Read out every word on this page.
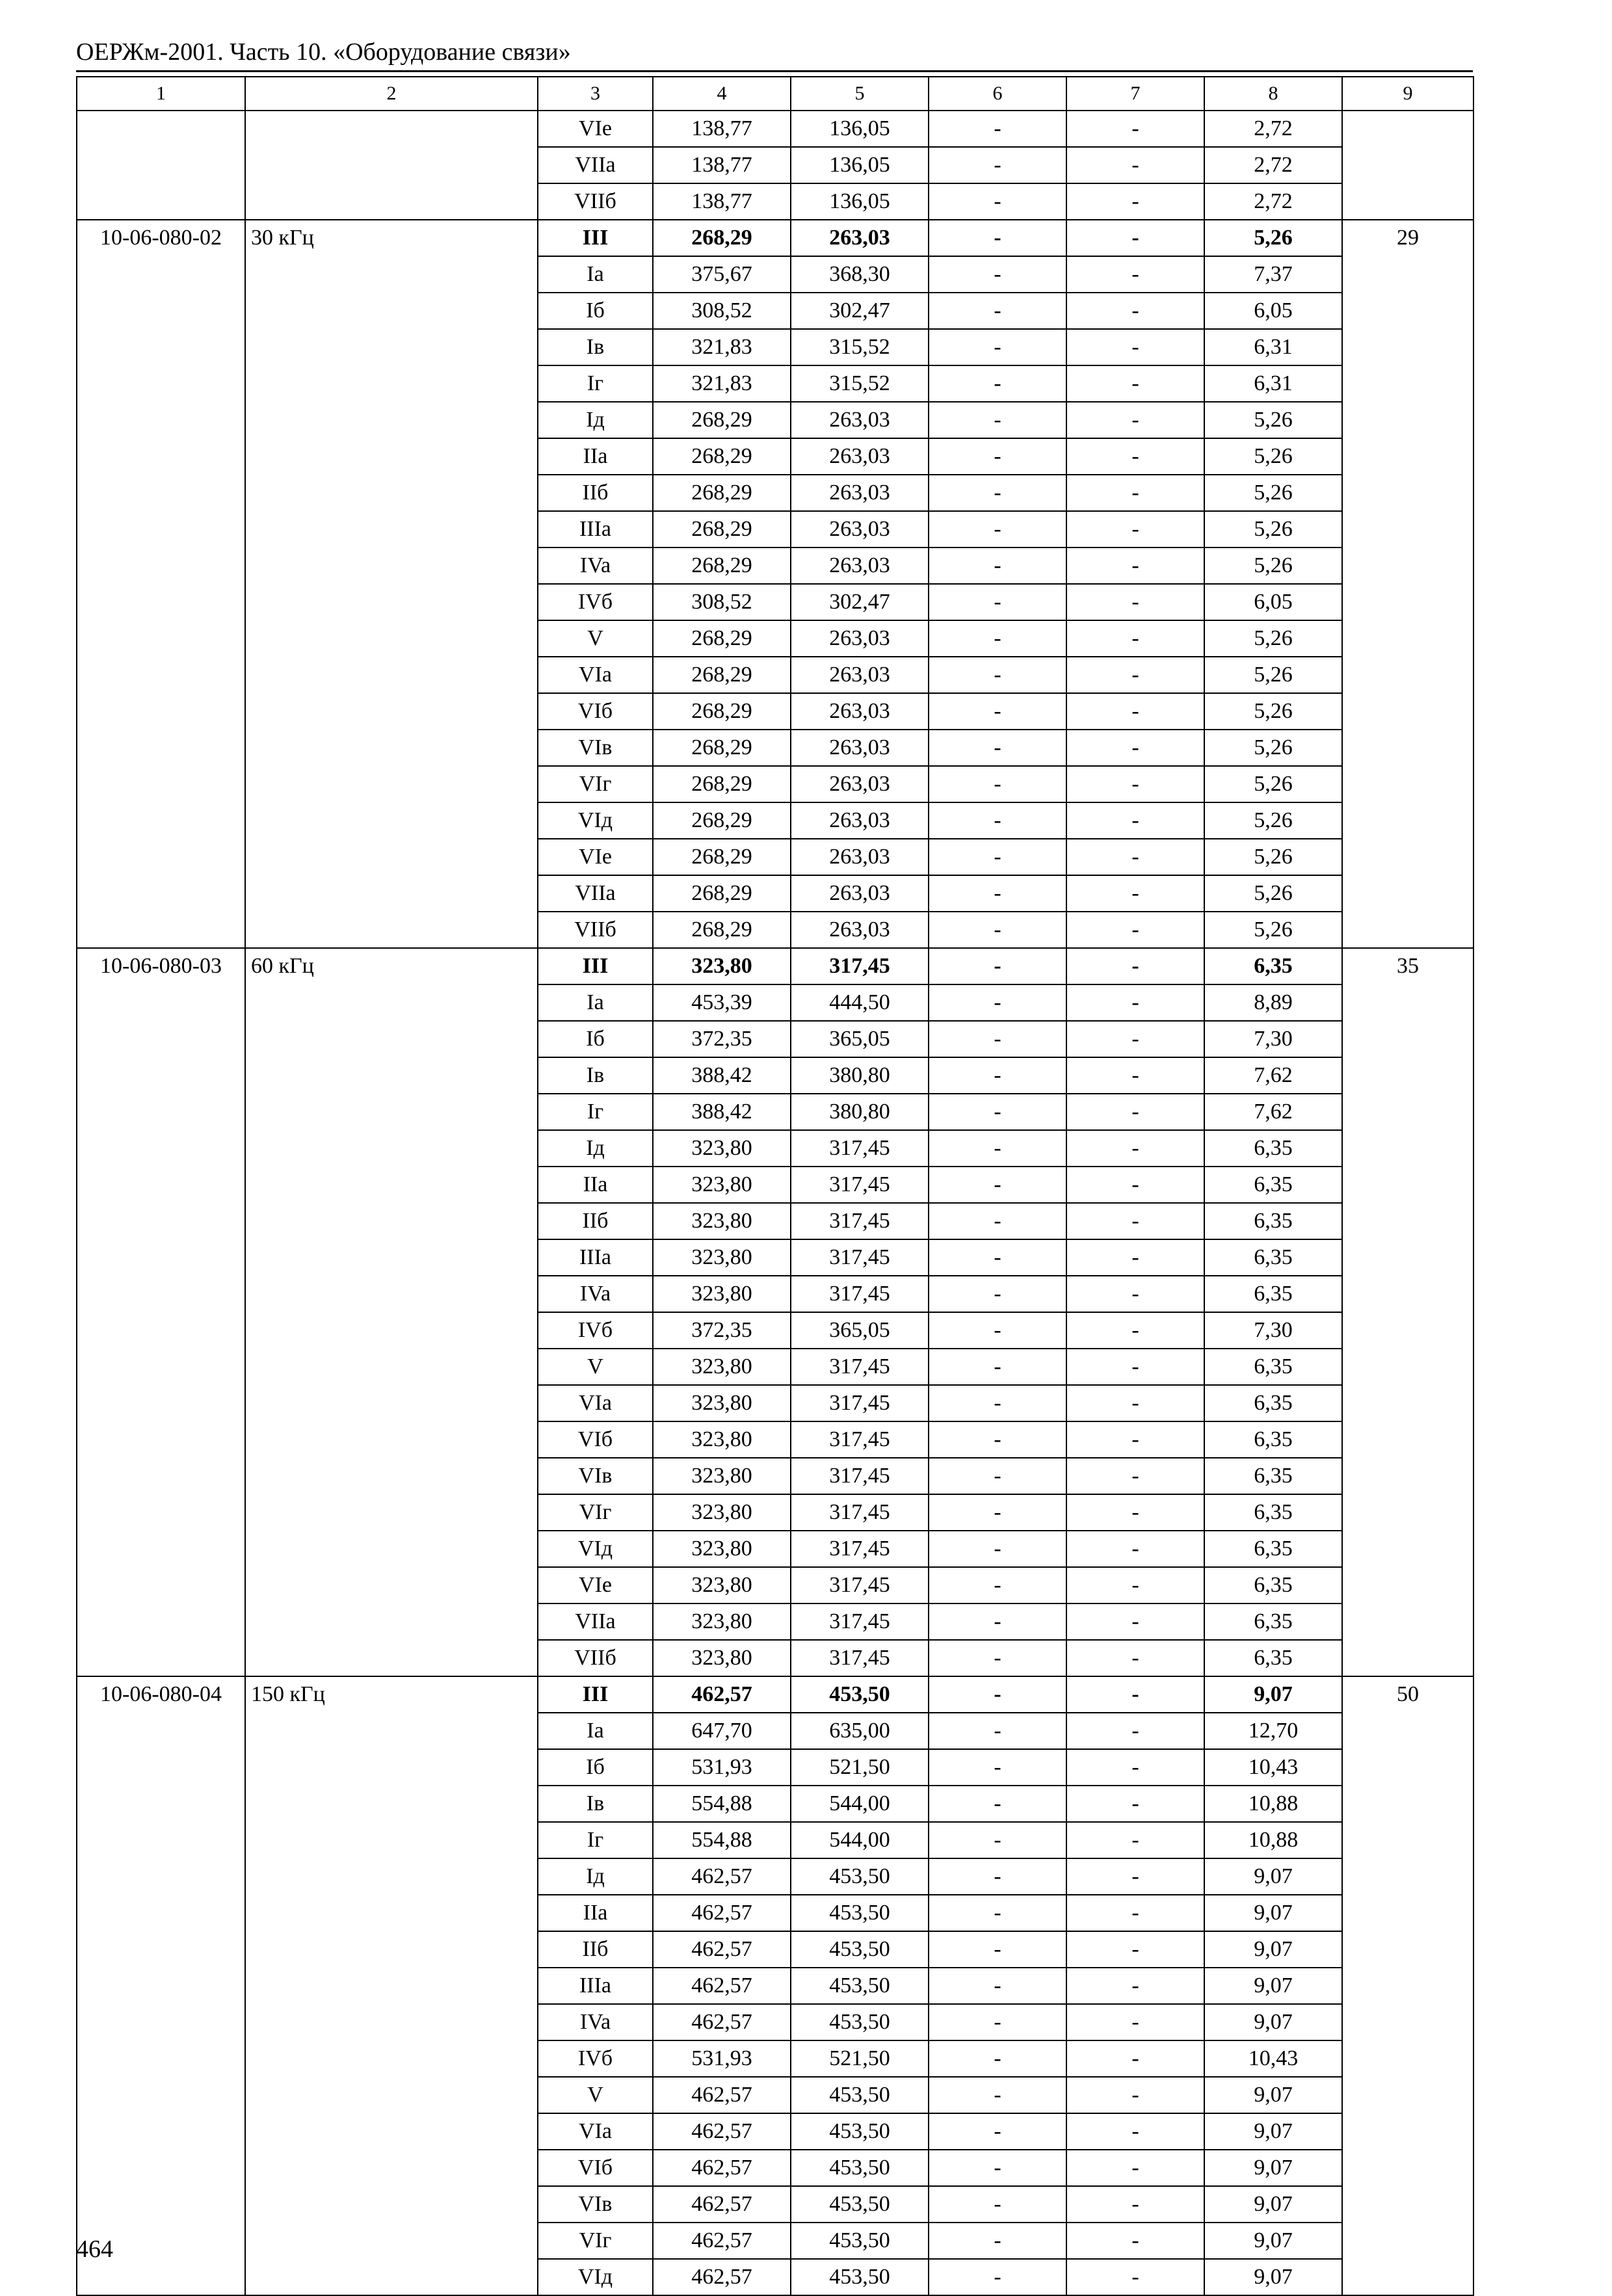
ОЕРЖм-2001. Часть 10. «Оборудование связи»
1	2	3	4	5	6	7	8	9
		VIe	138,77	136,05	-	-	2,72	
		VIIa	138,77	136,05	-	-	2,72	
		VIIб	138,77	136,05	-	-	2,72	
10-06-080-02	30 кГц	III	268,29	263,03	-	-	5,26	29
		Ia	375,67	368,30	-	-	7,37	
		Iб	308,52	302,47	-	-	6,05	
		Iв	321,83	315,52	-	-	6,31	
		Iг	321,83	315,52	-	-	6,31	
		Iд	268,29	263,03	-	-	5,26	
		IIa	268,29	263,03	-	-	5,26	
		IIб	268,29	263,03	-	-	5,26	
		IIIa	268,29	263,03	-	-	5,26	
		IVa	268,29	263,03	-	-	5,26	
		IVб	308,52	302,47	-	-	6,05	
		V	268,29	263,03	-	-	5,26	
		VIa	268,29	263,03	-	-	5,26	
		VIб	268,29	263,03	-	-	5,26	
		VIв	268,29	263,03	-	-	5,26	
		VIг	268,29	263,03	-	-	5,26	
		VIд	268,29	263,03	-	-	5,26	
		VIe	268,29	263,03	-	-	5,26	
		VIIa	268,29	263,03	-	-	5,26	
		VIIб	268,29	263,03	-	-	5,26	
10-06-080-03	60 кГц	III	323,80	317,45	-	-	6,35	35
		Ia	453,39	444,50	-	-	8,89	
		Iб	372,35	365,05	-	-	7,30	
		Iв	388,42	380,80	-	-	7,62	
		Iг	388,42	380,80	-	-	7,62	
		Iд	323,80	317,45	-	-	6,35	
		IIa	323,80	317,45	-	-	6,35	
		IIб	323,80	317,45	-	-	6,35	
		IIIa	323,80	317,45	-	-	6,35	
		IVa	323,80	317,45	-	-	6,35	
		IVб	372,35	365,05	-	-	7,30	
		V	323,80	317,45	-	-	6,35	
		VIa	323,80	317,45	-	-	6,35	
		VIб	323,80	317,45	-	-	6,35	
		VIв	323,80	317,45	-	-	6,35	
		VIг	323,80	317,45	-	-	6,35	
		VIд	323,80	317,45	-	-	6,35	
		VIe	323,80	317,45	-	-	6,35	
		VIIa	323,80	317,45	-	-	6,35	
		VIIб	323,80	317,45	-	-	6,35	
10-06-080-04	150 кГц	III	462,57	453,50	-	-	9,07	50
		Ia	647,70	635,00	-	-	12,70	
		Iб	531,93	521,50	-	-	10,43	
		Iв	554,88	544,00	-	-	10,88	
		Iг	554,88	544,00	-	-	10,88	
		Iд	462,57	453,50	-	-	9,07	
		IIa	462,57	453,50	-	-	9,07	
		IIб	462,57	453,50	-	-	9,07	
		IIIa	462,57	453,50	-	-	9,07	
		IVa	462,57	453,50	-	-	9,07	
		IVб	531,93	521,50	-	-	10,43	
		V	462,57	453,50	-	-	9,07	
		VIa	462,57	453,50	-	-	9,07	
		VIб	462,57	453,50	-	-	9,07	
		VIв	462,57	453,50	-	-	9,07	
		VIг	462,57	453,50	-	-	9,07	
		VIд	462,57	453,50	-	-	9,07	
464
